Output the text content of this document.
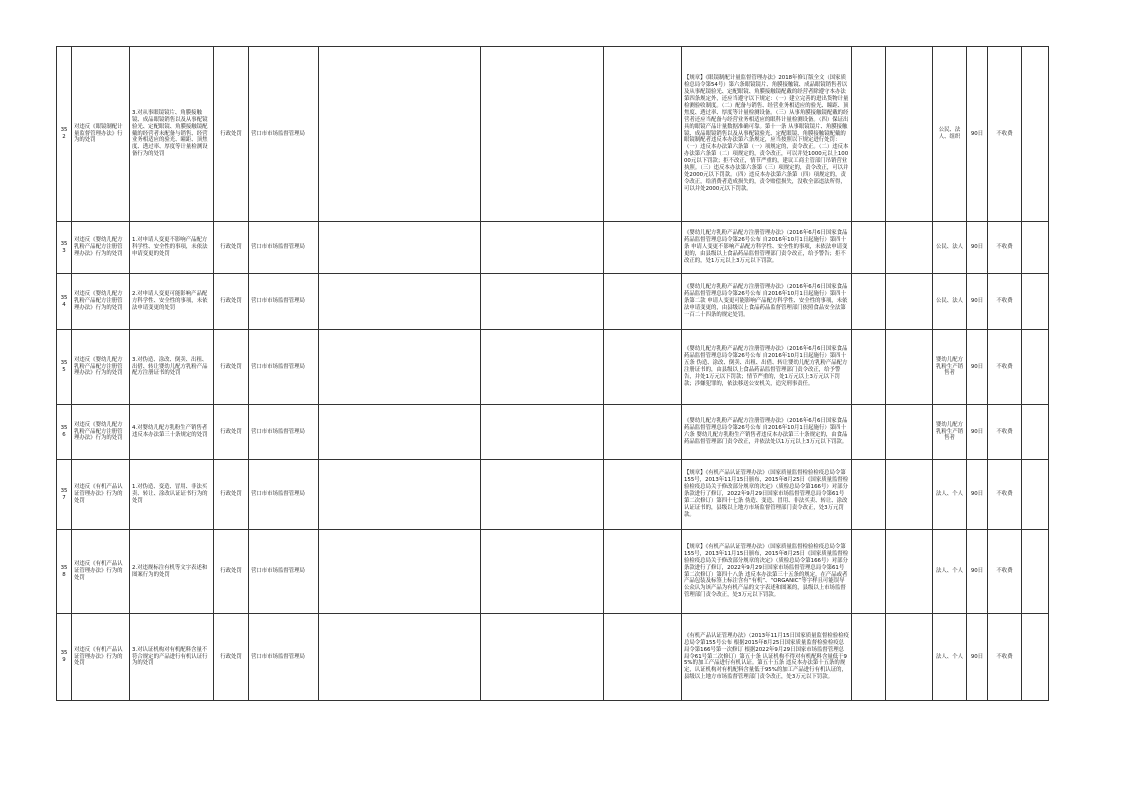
352	对违反《眼镜制配计量监督管理办法》行为的处罚	3.对从事眼镜镜片、角膜接触镜、成品眼镜销售以及从事配镜验光、定配眼镜、角膜接触镜配戴的经营者未配备与销售、经营业务相适应的验光、瞳距、顶焦度、透过率、厚度等计量检测设备行为的处罚	行政处罚	营口市市场监督管理局				【规章】《眼镜制配计量监督管理办法》2018年修订版全文（国家质检总局令第54号）第六条眼镜镜片、角膜接触镜、成品眼镜销售者以及从事配镜验光、定配眼镜、角膜接触镜配戴的经营者除遵守本办法第四条规定外，还应当遵守以下规定：（一）建立完善的进出货物计量检测验收制度。（二）配备与销售、经营业务相适应的验光、瞳距、顶焦度、透过率、厚度等计量检测设备。（三）从事角膜接触镜配戴的经营者还应当配备与经营业务相适应的眼科计量检测设备。（四）保证出具的眼镜产品计量数据准确可靠。第十一条 从事眼镜镜片、角膜接触镜、成品眼镜销售以及从事配镜验光、定配眼镜、角膜接触镜配戴的眼镜制配者违反本办法第六条规定，应当按照以下规定进行处罚：（一）违反本办法第六条第（一）项规定的，责令改正。（二）违反本办法第六条第（二）项规定的，责令改正，可以并处1000元以上10000元以下罚款；拒不改正，情节严重的，建议工商主管部门吊销营业执照。（三）违反本办法第六条第（三）项规定的，责令改正，可以并处2000元以下罚款。（四）违反本办法第六条第（四）项规定的，责令改正，给消费者造成损失的，责令赔偿损失，没收全部违法所得，可以并处2000元以下罚款。			公民、法人、组织	90日	不收费	
353	对违反《婴幼儿配方乳粉产品配方注册管理办法》行为的处罚	1.对申请人变更不影响产品配方科学性、安全性的事项，未依法申请变更的处罚	行政处罚	营口市市场监督管理局				《婴幼儿配方乳粉产品配方注册管理办法》（2016年6月6日国家食品药品监督管理总局令第26号公布 自2016年10月1日起施行）第四十条 申请人变更不影响产品配方科学性、安全性的事项，未依法申请变更的，由县级以上食品药品监督管理部门责令改正，给予警告；拒不改正的，处1万元以上3万元以下罚款。			公民、法人	90日	不收费	
354	对违反《婴幼儿配方乳粉产品配方注册管理办法》行为的处罚	2.对申请人变更可能影响产品配方科学性、安全性的事项，未依法申请变更的处罚	行政处罚	营口市市场监督管理局				《婴幼儿配方乳粉产品配方注册管理办法》（2016年6月6日国家食品药品监督管理总局令第26号公布 自2016年10月1日起施行）第四十条第二款 申请人变更可能影响产品配方科学性、安全性的事项，未依法申请变更的，由县级以上食品药品监督管理部门依照食品安全法第一百二十四条的规定处罚。			公民、法人	90日	不收费	
355	对违反《婴幼儿配方乳粉产品配方注册管理办法》行为的处罚	3.对伪造、涂改、倒卖、出租、出借、转让婴幼儿配方乳粉产品配方注册证书的处罚	行政处罚	营口市市场监督管理局				《婴幼儿配方乳粉产品配方注册管理办法》（2016年6月6日国家食品药品监督管理总局令第26号公布 自2016年10月1日起施行）第四十五条 伪造、涂改、倒卖、出租、出借、转让婴幼儿配方乳粉产品配方注册证书的，由县级以上食品药品监督管理部门责令改正，给予警告，并处1万元以下罚款；情节严重的，处1万元以上3万元以下罚款；涉嫌犯罪的，依法移送公安机关，追究刑事责任。			婴幼儿配方乳粉生产销售者	90日	不收费	
356	对违反《婴幼儿配方乳粉产品配方注册管理办法》行为的处罚	4.对婴幼儿配方乳粉生产销售者违反本办法第三十条规定的处罚	行政处罚	营口市市场监督管理局				《婴幼儿配方乳粉产品配方注册管理办法》（2016年6月6日国家食品药品监督管理总局令第26号公布 自2016年10月1日起施行）第四十六条 婴幼儿配方乳粉生产销售者违反本办法第三十条规定的，由食品药品监督管理部门责令改正，并依法处以1万元以上3万元以下罚款。			婴幼儿配方乳粉生产销售者	90日	不收费	
357	对违反《有机产品认证管理办法》行为的处罚	1.对伪造、变造、冒用、非法买卖、转让、涂改认证证书行为的处罚	行政处罚	营口市市场监督管理局				【规章】《有机产品认证管理办法》（国家质量监督检验检疫总局令第155号，2013年11月15日颁布，2015年8月25日《国家质量监督检验检疫总局关于修改部分规章的决定》（质检总局令第166号）对部分条款进行了修订，2022年9月29日国家市场监督管理总局令第61号第二次修订）第四十七条 伪造、变造、冒用、非法买卖、转让、涂改认证证书的，县级以上地方市场监督管理部门责令改正，处3万元罚款。			法人、个人	90日	不收费	
358	对违反《有机产品认证管理办法》行为的处罚	2.对违规标注有机等文字表述和图案行为的处罚	行政处罚	营口市市场监督管理局				【规章】《有机产品认证管理办法》（国家质量监督检验检疫总局令第155号，2013年11月15日颁布，2015年8月25日《国家质量监督检验检疫总局关于修改部分规章的决定》（质检总局令第166号）对部分条款进行了修订，2022年9月29日国家市场监督管理总局令第61号第二次修订）第四十八条 违反本办法第三十五条的规定，在产品或者产品包装及标签上标注含有“有机”、“ORGANIC”等字样且可能误导公众认为该产品为有机产品的文字表述和图案的，县级以上市场监督管理部门责令改正，处3万元以下罚款。			法人、个人	90日	不收费	
359	对违反《有机产品认证管理办法》行为的处罚	3.对认证机构对有机配料含量不符合规定的产品进行有机认证行为的处罚	行政处罚	营口市市场监督管理局				《有机产品认证管理办法》（2013年11月15日国家质量监督检验检疫总局令第155号公布 根据2015年8月25日国家质量监督检验检疫总局令第166号第一次修订 根据2022年9月29日国家市场监督管理总局令61号第二次修订）第五十条 认证机构不得对有机配料含量低于95%的加工产品进行有机认证。第五十五条 违反本办法第十五条的规定，认证机构对有机配料含量低于95%的加工产品进行有机认证的，县级以上地方市场监督管理部门责令改正，处3万元以下罚款。			法人、个人	90日	不收费	
